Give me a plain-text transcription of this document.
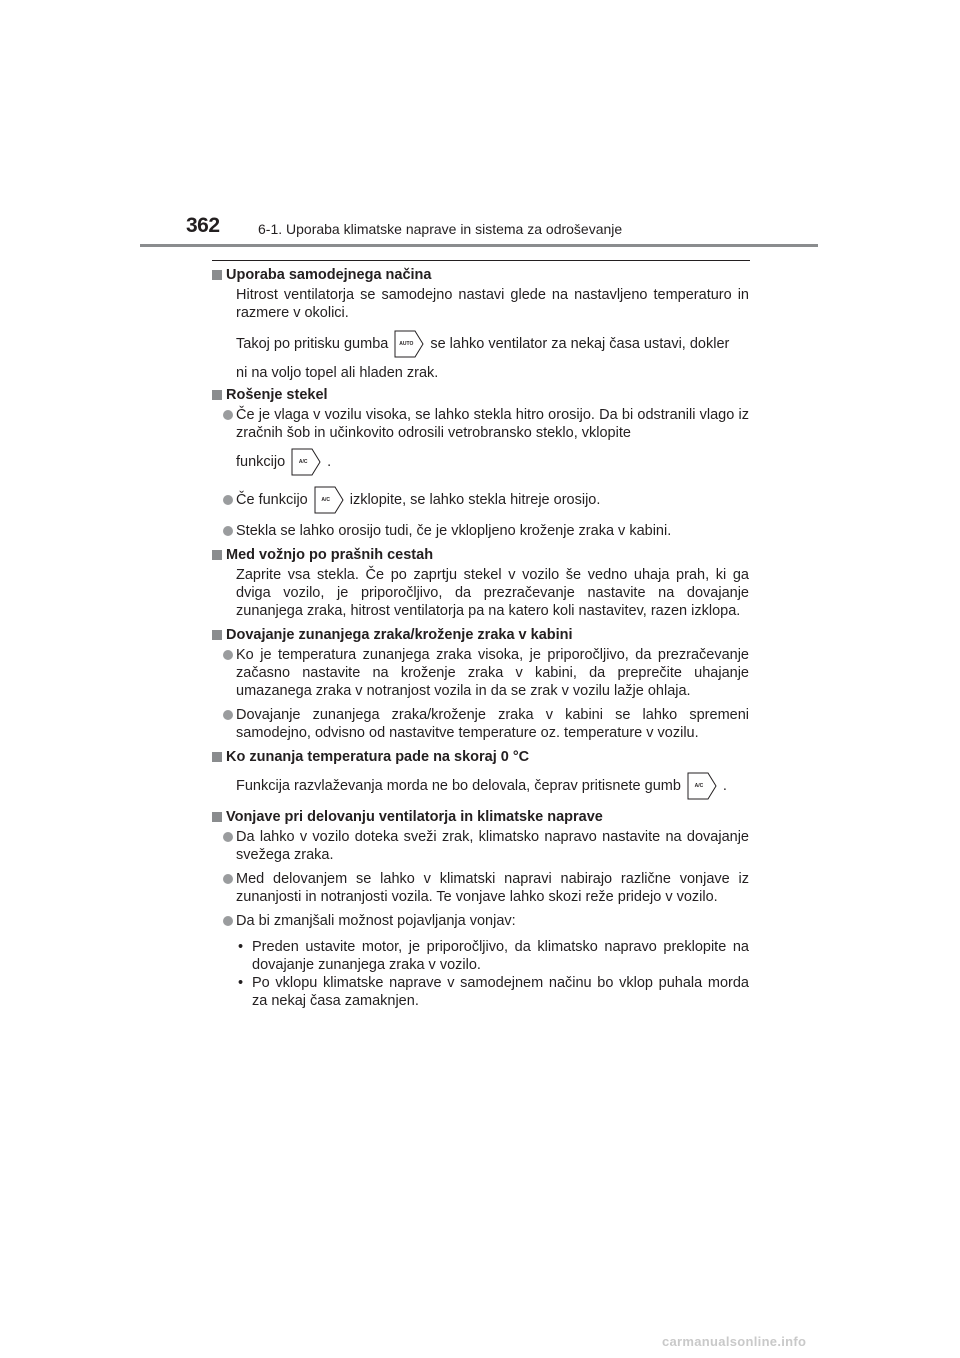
362	6-1. Uporaba klimatske naprave in sistema za odroševanje
Uporaba samodejnega načina
Hitrost ventilatorja se samodejno nastavi glede na nastavljeno temperaturo in razmere v okolici.
Takoj po pritisku gumba	AUTO	se lahko ventilator za nekaj časa ustavi, dokler
ni na voljo topel ali hladen zrak.
Rošenje stekel
Če je vlaga v vozilu visoka, se lahko stekla hitro orosijo. Da bi odstranili vlago iz zračnih šob in učinkovito odrosili vetrobransko steklo, vklopite
funkcijo	A/C	.
Če funkcijo	A/C	izklopite, se lahko stekla hitreje orosijo.
Stekla se lahko orosijo tudi, če je vklopljeno kroženje zraka v kabini.
Med vožnjo po prašnih cestah
Zaprite vsa stekla. Če po zaprtju stekel v vozilo še vedno uhaja prah, ki ga dviga vozilo, je priporočljivo, da prezračevanje nastavite na dovajanje zunanjega zraka, hitrost ventilatorja pa na katero koli nastavitev, razen izklopa.
Dovajanje zunanjega zraka/kroženje zraka v kabini
Ko je temperatura zunanjega zraka visoka, je priporočljivo, da prezračevanje začasno nastavite na kroženje zraka v kabini, da preprečite uhajanje umazanega zraka v notranjost vozila in da se zrak v vozilu lažje ohlaja.
Dovajanje zunanjega zraka/kroženje zraka v kabini se lahko spremeni samodejno, odvisno od nastavitve temperature oz. temperature v vozilu.
Ko zunanja temperatura pade na skoraj 0 °C
Funkcija razvlaževanja morda ne bo delovala, čeprav pritisnete gumb	A/C	.
Vonjave pri delovanju ventilatorja in klimatske naprave
Da lahko v vozilo doteka sveži zrak, klimatsko napravo nastavite na dovajanje svežega zraka.
Med delovanjem se lahko v klimatski napravi nabirajo različne vonjave iz zunanjosti in notranjosti vozila. Te vonjave lahko skozi reže pridejo v vozilo.
Da bi zmanjšali možnost pojavljanja vonjav:
• Preden ustavite motor, je priporočljivo, da klimatsko napravo preklopite na dovajanje zunanjega zraka v vozilo.
• Po vklopu klimatske naprave v samodejnem načinu bo vklop puhala morda za nekaj časa zamaknjen.
carmanualsonline.info
